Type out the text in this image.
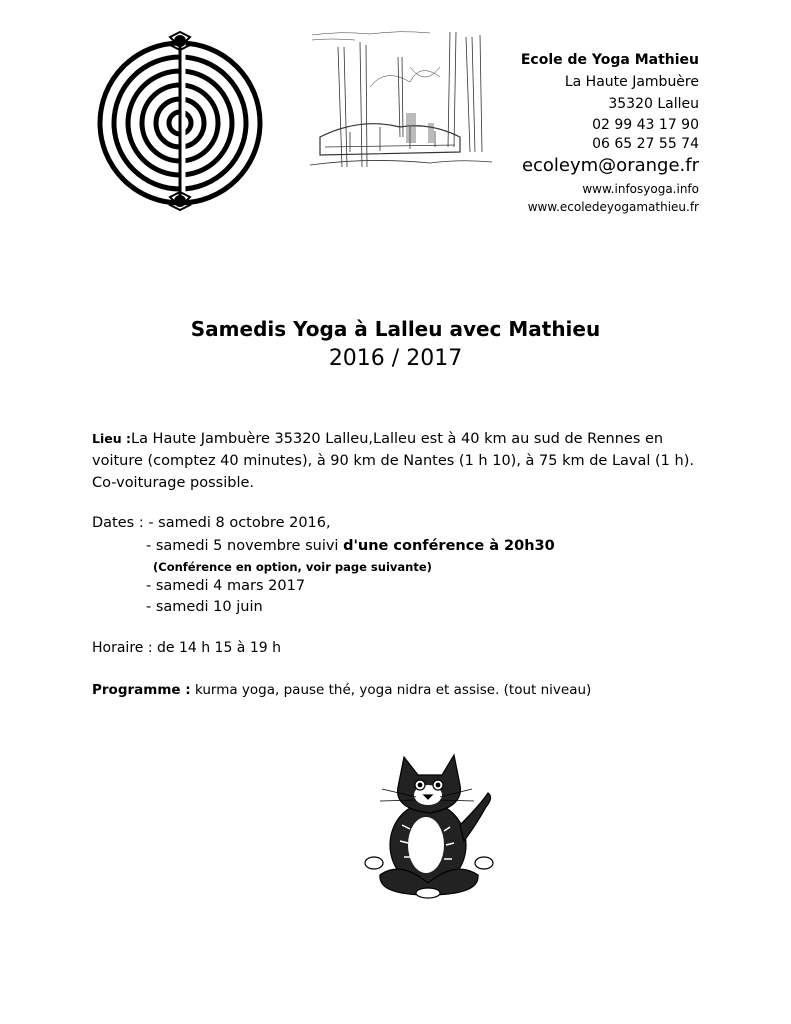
Ecole de Yoga Mathieu
La Haute Jambuère
35320 Lalleu
02 99 43 17 90
06 65 27 55 74
ecoleym@orange.fr
www.infosyoga.info
www.ecoledeyogamathieu.fr
Samedis Yoga à Lalleu avec Mathieu
2016 / 2017
Lieu :La Haute Jambuère 35320 Lalleu,Lalleu est à 40 km au sud de Rennes en
voiture (comptez 40 minutes), à 90 km de Nantes (1 h 10), à 75 km de Laval (1 h).
Co-voiturage possible.
Dates : - samedi 8 octobre 2016,
- samedi 5 novembre suivi d'une conférence à 20h30
(Conférence en option, voir page suivante)
- samedi 4 mars 2017
- samedi 10 juin
Horaire : de 14 h 15 à 19 h
Programme : kurma yoga, pause thé, yoga nidra et assise. (tout niveau)
